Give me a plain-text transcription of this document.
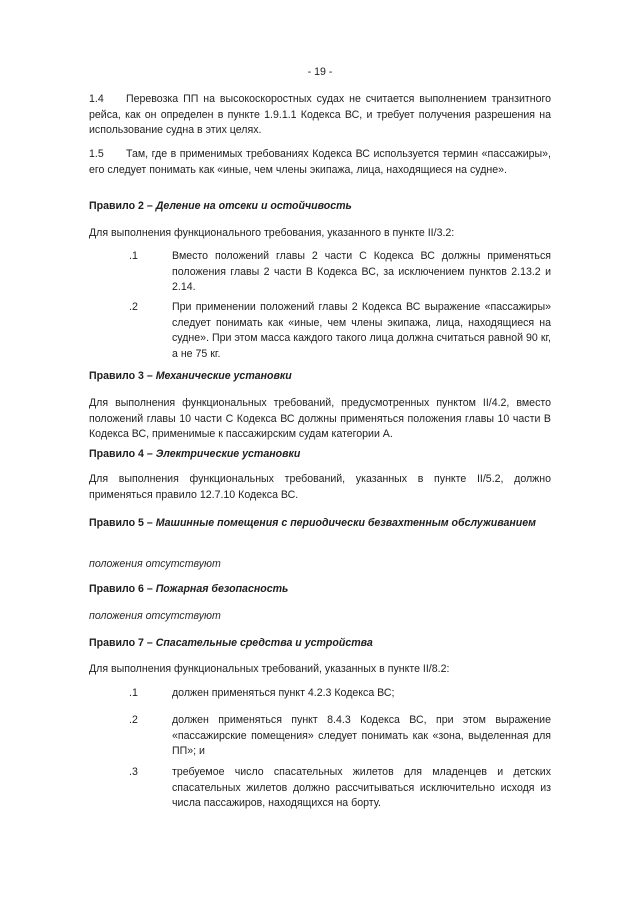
- 19 -
1.4 Перевозка ПП на высокоскоростных судах не считается выполнением транзитного рейса, как он определен в пункте 1.9.1.1 Кодекса ВС, и требует получения разрешения на использование судна в этих целях.
1.5 Там, где в применимых требованиях Кодекса ВС используется термин «пассажиры», его следует понимать как «иные, чем члены экипажа, лица, находящиеся на судне».
Правило 2 – Деление на отсеки и остойчивость
Для выполнения функционального требования, указанного в пункте II/3.2:
.1	Вместо положений главы 2 части С Кодекса ВС должны применяться положения главы 2 части В Кодекса ВС, за исключением пунктов 2.13.2 и 2.14.
.2	При применении положений главы 2 Кодекса ВС выражение «пассажиры» следует понимать как «иные, чем члены экипажа, лица, находящиеся на судне». При этом масса каждого такого лица должна считаться равной 90 кг, а не 75 кг.
Правило 3 – Механические установки
Для выполнения функциональных требований, предусмотренных пунктом II/4.2, вместо положений главы 10 части С Кодекса ВС должны применяться положения главы 10 части В Кодекса ВС, применимые к пассажирским судам категории А.
Правило 4 – Электрические установки
Для выполнения функциональных требований, указанных в пункте II/5.2, должно применяться правило 12.7.10 Кодекса ВС.
Правило 5 – Машинные помещения с периодически безвахтенным обслуживанием
положения отсутствуют
Правило 6 – Пожарная безопасность
положения отсутствуют
Правило 7 – Спасательные средства и устройства
Для выполнения функциональных требований, указанных в пункте II/8.2:
.1	должен применяться пункт 4.2.3 Кодекса ВС;
.2	должен применяться пункт 8.4.3 Кодекса ВС, при этом выражение «пассажирские помещения» следует понимать как «зона, выделенная для ПП»; и
.3	требуемое число спасательных жилетов для младенцев и детских спасательных жилетов должно рассчитываться исключительно исходя из числа пассажиров, находящихся на борту.
